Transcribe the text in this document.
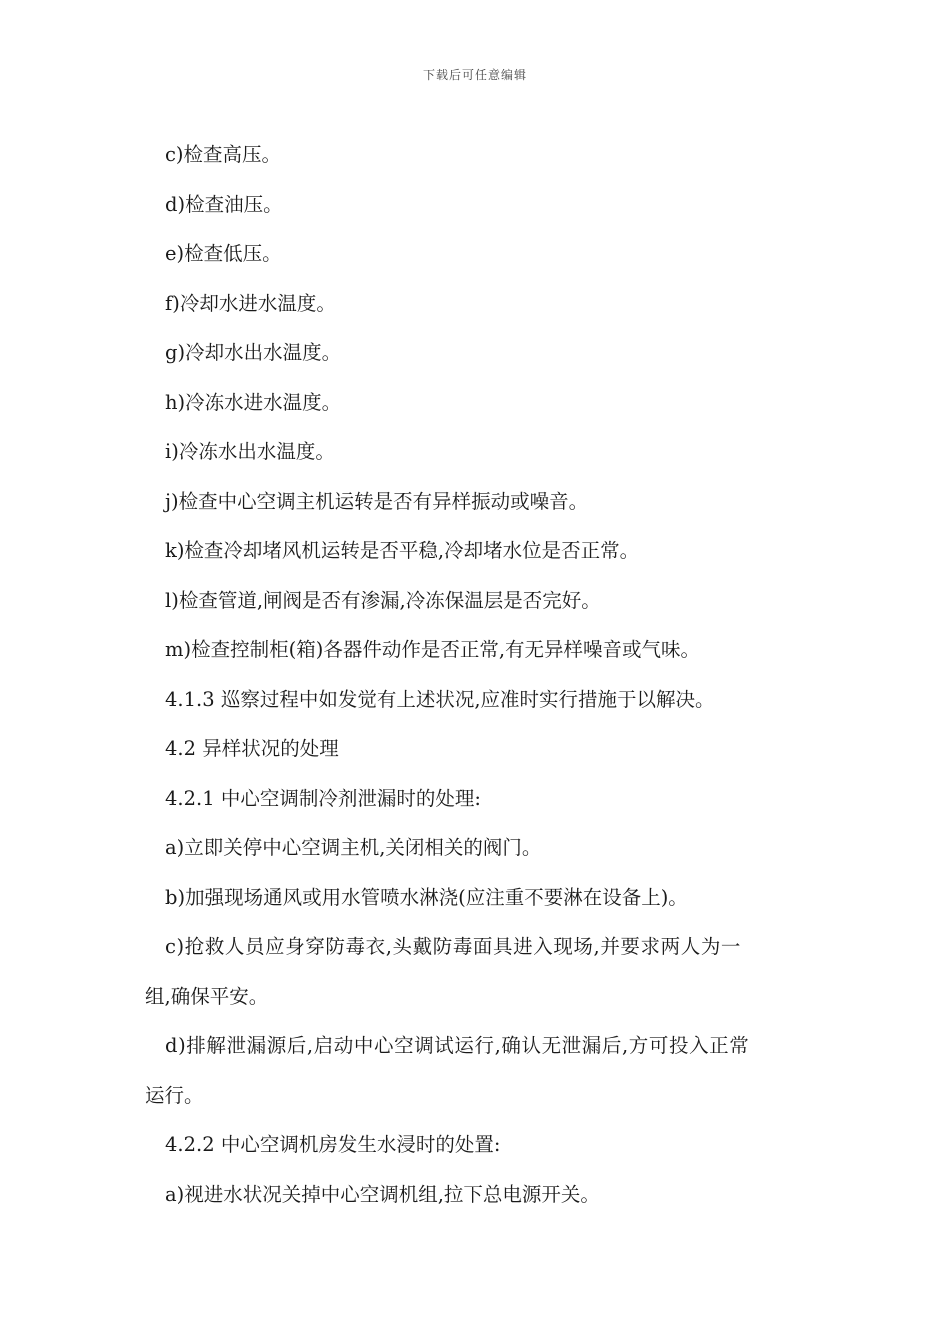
下载后可任意编辑
c)检查高压。
d)检查油压。
e)检查低压。
f)冷却水进水温度。
g)冷却水出水温度。
h)冷冻水进水温度。
i)冷冻水出水温度。
j)检查中心空调主机运转是否有异样振动或噪音。
k)检查冷却堵风机运转是否平稳,冷却堵水位是否正常。
l)检查管道,闸阀是否有渗漏,冷冻保温层是否完好。
m)检查控制柜(箱)各器件动作是否正常,有无异样噪音或气味。
4.1.3 巡察过程中如发觉有上述状况,应准时实行措施于以解决。
4.2 异样状况的处理
4.2.1 中心空调制冷剂泄漏时的处理:
a)立即关停中心空调主机,关闭相关的阀门。
b)加强现场通风或用水管喷水淋浇(应注重不要淋在设备上)。
c)抢救人员应身穿防毒衣,头戴防毒面具进入现场,并要求两人为一
组,确保平安。
d)排解泄漏源后,启动中心空调试运行,确认无泄漏后,方可投入正常
运行。
4.2.2 中心空调机房发生水浸时的处置:
a)视进水状况关掉中心空调机组,拉下总电源开关。
